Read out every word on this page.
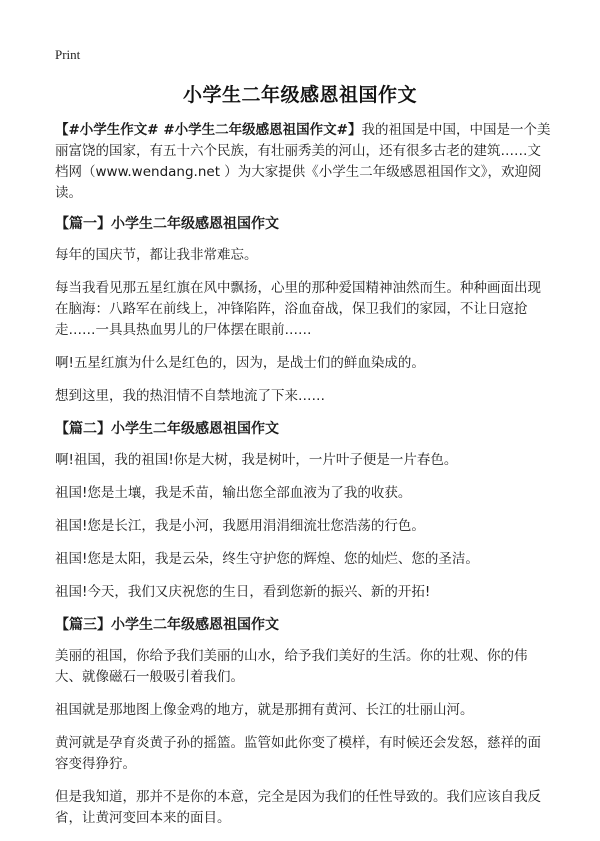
Print
小学生二年级感恩祖国作文

【#小学生作文# #小学生二年级感恩祖国作文#】我的祖国是中国，中国是一个美丽富饶的国家，有五十六个民族，有壮丽秀美的河山，还有很多古老的建筑……文档网（www.wendang.net ）为大家提供《小学生二年级感恩祖国作文》，欢迎阅读。

【篇一】小学生二年级感恩祖国作文

每年的国庆节，都让我非常难忘。

每当我看见那五星红旗在风中飘扬，心里的那种爱国精神油然而生。种种画面出现在脑海：八路军在前线上，冲锋陷阵，浴血奋战，保卫我们的家园，不让日寇抢走……一具具热血男儿的尸体摆在眼前……

啊!五星红旗为什么是红色的，因为，是战士们的鲜血染成的。

想到这里，我的热泪情不自禁地流了下来……

【篇二】小学生二年级感恩祖国作文

啊!祖国，我的祖国!你是大树，我是树叶，一片叶子便是一片春色。

祖国!您是土壤，我是禾苗，输出您全部血液为了我的收获。

祖国!您是长江，我是小河，我愿用涓涓细流壮您浩荡的行色。

祖国!您是太阳，我是云朵，终生守护您的辉煌、您的灿烂、您的圣洁。

祖国!今天，我们又庆祝您的生日，看到您新的振兴、新的开拓!

【篇三】小学生二年级感恩祖国作文

美丽的祖国，你给予我们美丽的山水，给予我们美好的生活。你的壮观、你的伟大、就像磁石一般吸引着我们。

祖国就是那地图上像金鸡的地方，就是那拥有黄河、长江的壮丽山河。

黄河就是孕育炎黄子孙的摇篮。监管如此你变了模样，有时候还会发怒，慈祥的面容变得狰狞。

但是我知道，那并不是你的本意，完全是因为我们的任性导致的。我们应该自我反省，让黄河变回本来的面目。
